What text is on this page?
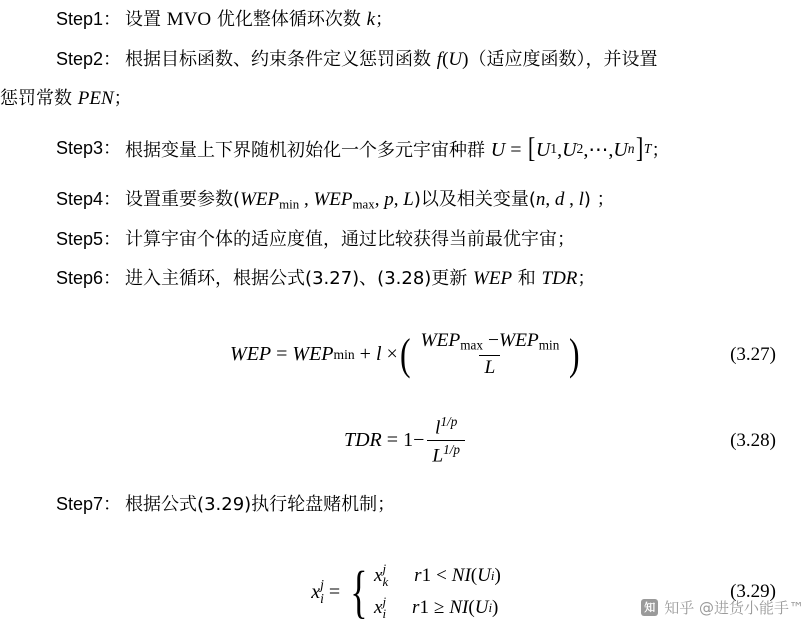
Step1 ： 设置 MVO 优化整体循环次数 k；
Step2 ： 根据目标函数、约束条件定义惩罚函数 f(U)（适应度函数），并设置
惩罚常数 PEN；
Step3 ： 根据变量上下界随机初始化一个多元宇宙种群 U = [ U 1 , U 2 , ⋯ , U n ] T ；
Step4 ： 设置重要参数($WEP_{min}$ , $WEP_{max}$, p, L)以及相关变量(n, d , l) ；
Step5 ： 计算宇宙个体的适应度值，通过比较获得当前最优宇宙；
Step6 ： 进入主循环，根据公式(3.27)、(3.28)更新 WEP 和 TDR；
WEP = WEP min + l × ( $\frac{WEP_{max} -WEP_{min}}{L}$ )	(3.27)
TDR = $1 - \frac{l^{1/p}}{L^{1/p}}$	(3.28)
Step7 ： 根据公式(3.29)执行轮盘赌机制；
x j
i = { x j
k r 1 < NI ( U i )
x j
i r 1 ≥ NI ( U i )
(3.29)
知 知乎 @进货小能手™
